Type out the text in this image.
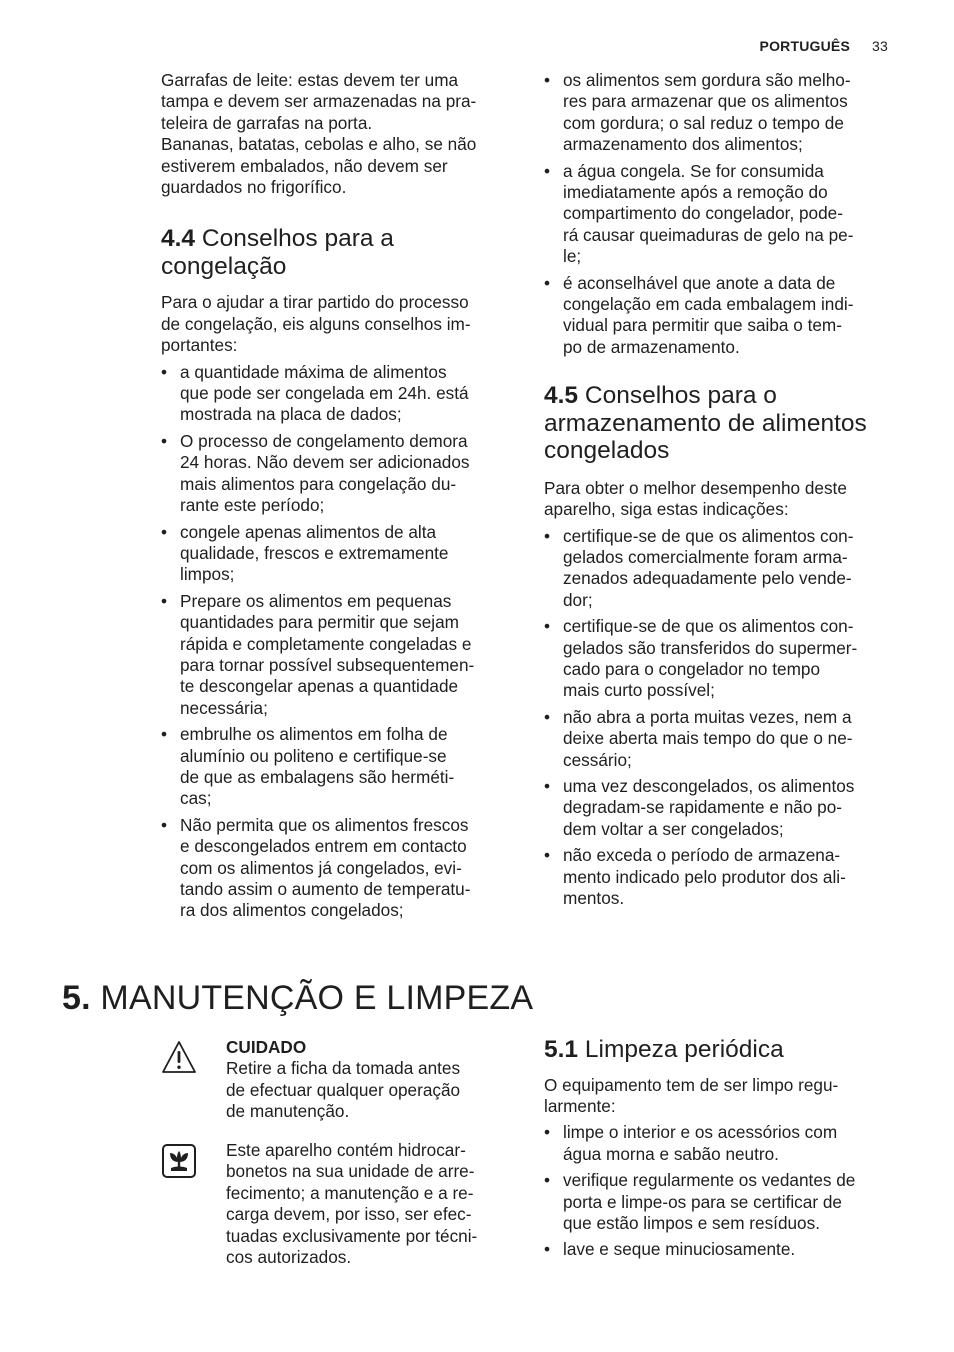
PORTUGUÊS 33

Garrafas de leite: estas devem ter uma
tampa e devem ser armazenadas na pra-
teleira de garrafas na porta.
Bananas, batatas, cebolas e alho, se não
estiverem embalados, não devem ser
guardados no frigorífico.

4.4 Conselhos para a
congelação

Para o ajudar a tirar partido do processo
de congelação, eis alguns conselhos im-
portantes:

• a quantidade máxima de alimentos
que pode ser congelada em 24h. está
mostrada na placa de dados;
• O processo de congelamento demora
24 horas. Não devem ser adicionados
mais alimentos para congelação du-
rante este período;
• congele apenas alimentos de alta
qualidade, frescos e extremamente
limpos;
• Prepare os alimentos em pequenas
quantidades para permitir que sejam
rápida e completamente congeladas e
para tornar possível subsequentemen-
te descongelar apenas a quantidade
necessária;
• embrulhe os alimentos em folha de
alumínio ou politeno e certifique-se
de que as embalagens são herméti-
cas;
• Não permita que os alimentos frescos
e descongelados entrem em contacto
com os alimentos já congelados, evi-
tando assim o aumento de temperatu-
ra dos alimentos congelados;
• os alimentos sem gordura são melho-
res para armazenar que os alimentos
com gordura; o sal reduz o tempo de
armazenamento dos alimentos;
• a água congela. Se for consumida
imediatamente após a remoção do
compartimento do congelador, pode-
rá causar queimaduras de gelo na pe-
le;
• é aconselhável que anote a data de
congelação em cada embalagem indi-
vidual para permitir que saiba o tem-
po de armazenamento.
4.5 Conselhos para o
armazenamento de alimentos
congelados

Para obter o melhor desempenho deste
aparelho, siga estas indicações:

• certifique-se de que os alimentos con-
gelados comercialmente foram arma-
zenados adequadamente pelo vende-
dor;
• certifique-se de que os alimentos con-
gelados são transferidos do supermer-
cado para o congelador no tempo
mais curto possível;
• não abra a porta muitas vezes, nem a
deixe aberta mais tempo do que o ne-
cessário;
• uma vez descongelados, os alimentos
degradam-se rapidamente e não po-
dem voltar a ser congelados;
• não exceda o período de armazena-
mento indicado pelo produtor dos ali-
mentos.
5. MANUTENÇÃO E LIMPEZA
CUIDADO
Retire a ficha da tomada antes
de efectuar qualquer operação
de manutenção.
Este aparelho contém hidrocar-
bonetos na sua unidade de arre-
fecimento; a manutenção e a re-
carga devem, por isso, ser efec-
tuadas exclusivamente por técni-
cos autorizados.
5.1 Limpeza periódica

O equipamento tem de ser limpo regu-
larmente:

• limpe o interior e os acessórios com
água morna e sabão neutro.
• verifique regularmente os vedantes de
porta e limpe-os para se certificar de
que estão limpos e sem resíduos.
• lave e seque minuciosamente.
